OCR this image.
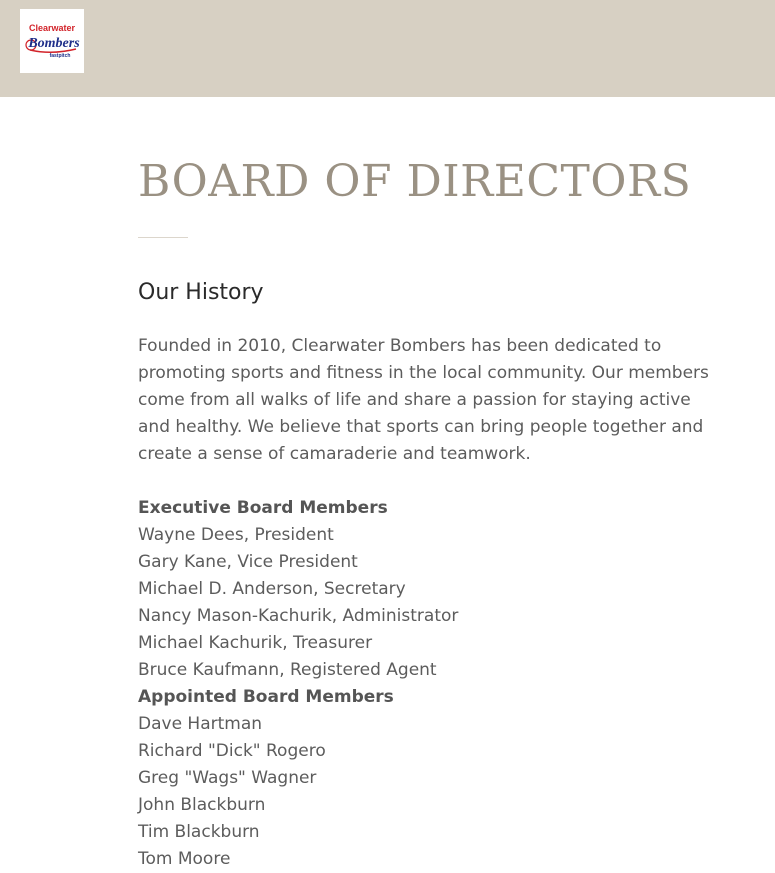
Clearwater
Bombers
fastpitch
BOARD OF DIRECTORS
Our History

Founded in 2010, Clearwater Bombers has been dedicated to
promoting sports and fitness in the local community. Our members
come from all walks of life and share a passion for staying active
and healthy. We believe that sports can bring people together and
create a sense of camaraderie and teamwork.

Executive Board Members
Wayne Dees, President
Gary Kane, Vice President
Michael D. Anderson, Secretary
Nancy Mason-Kachurik, Administrator
Michael Kachurik, Treasurer
Bruce Kaufmann, Registered Agent
Appointed Board Members
Dave Hartman
Richard "Dick" Rogero
Greg "Wags" Wagner
John Blackburn
Tim Blackburn
Tom Moore
